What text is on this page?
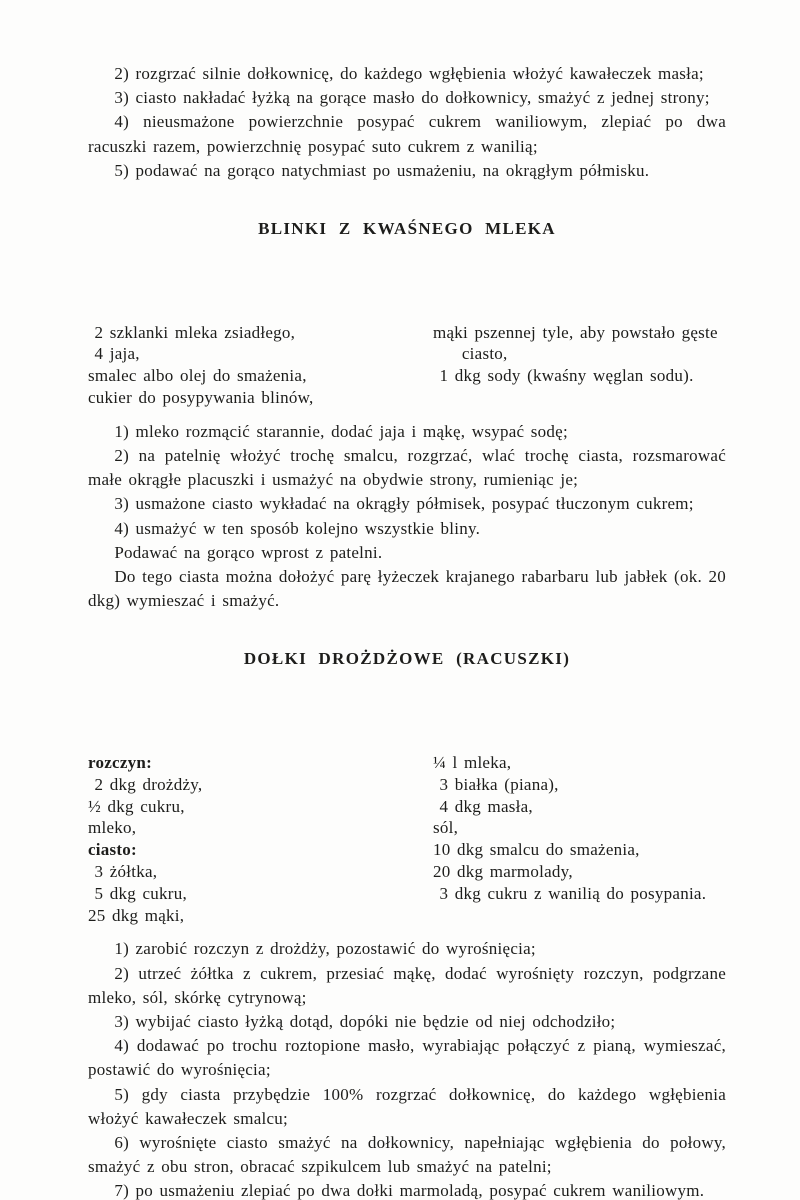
2) rozgrzać silnie dołkownicę, do każdego wgłębienia włożyć kawałeczek masła;

3) ciasto nakładać łyżką na gorące masło do dołkownicy, smażyć z jednej strony;

4) nieusmażone powierzchnie posypać cukrem waniliowym, zlepiać po dwa racuszki razem, powierzchnię posypać suto cukrem z wanilią;

5) podawać na gorąco natychmiast po usmażeniu, na okrągłym półmisku.

BLINKI Z KWAŚNEGO MLEKA

2 szklanki mleka zsiadłego,
4 jaja,
smalec albo olej do smażenia,
cukier do posypywania blinów,

mąki pszennej tyle, aby powstało gęste ciasto,
1 dkg sody (kwaśny węglan sodu).

1) mleko rozmącić starannie, dodać jaja i mąkę, wsypać sodę;

2) na patelnię włożyć trochę smalcu, rozgrzać, wlać trochę ciasta, rozsmarować małe okrągłe placuszki i usmażyć na obydwie strony, rumieniąc je;

3) usmażone ciasto wykładać na okrągły półmisek, posypać tłuczonym cukrem;

4) usmażyć w ten sposób kolejno wszystkie bliny.

Podawać na gorąco wprost z patelni.

Do tego ciasta można dołożyć parę łyżeczek krajanego rabarbaru lub jabłek (ok. 20 dkg) wymieszać i smażyć.

DOŁKI DROŻDŻOWE (RACUSZKI)

rozczyn:
2 dkg drożdży,
½ dkg cukru,
mleko,
ciasto:
3 żółtka,
5 dkg cukru,
25 dkg mąki,

¼ l mleka,
3 białka (piana),
4 dkg masła,
sól,
10 dkg smalcu do smażenia,
20 dkg marmolady,
3 dkg cukru z wanilią do posypania.

1) zarobić rozczyn z drożdży, pozostawić do wyrośnięcia;

2) utrzeć żółtka z cukrem, przesiać mąkę, dodać wyrośnięty rozczyn, podgrzane mleko, sól, skórkę cytrynową;

3) wybijać ciasto łyżką dotąd, dopóki nie będzie od niej odchodziło;

4) dodawać po trochu roztopione masło, wyrabiając połączyć z pianą, wymieszać, postawić do wyrośnięcia;

5) gdy ciasta przybędzie 100% rozgrzać dołkownicę, do każdego wgłębienia włożyć kawałeczek smalcu;

6) wyrośnięte ciasto smażyć na dołkownicy, napełniając wgłębienia do połowy, smażyć z obu stron, obracać szpikulcem lub smażyć na patelni;

7) po usmażeniu zlepiać po dwa dołki marmoladą, posypać cukrem waniliowym.
